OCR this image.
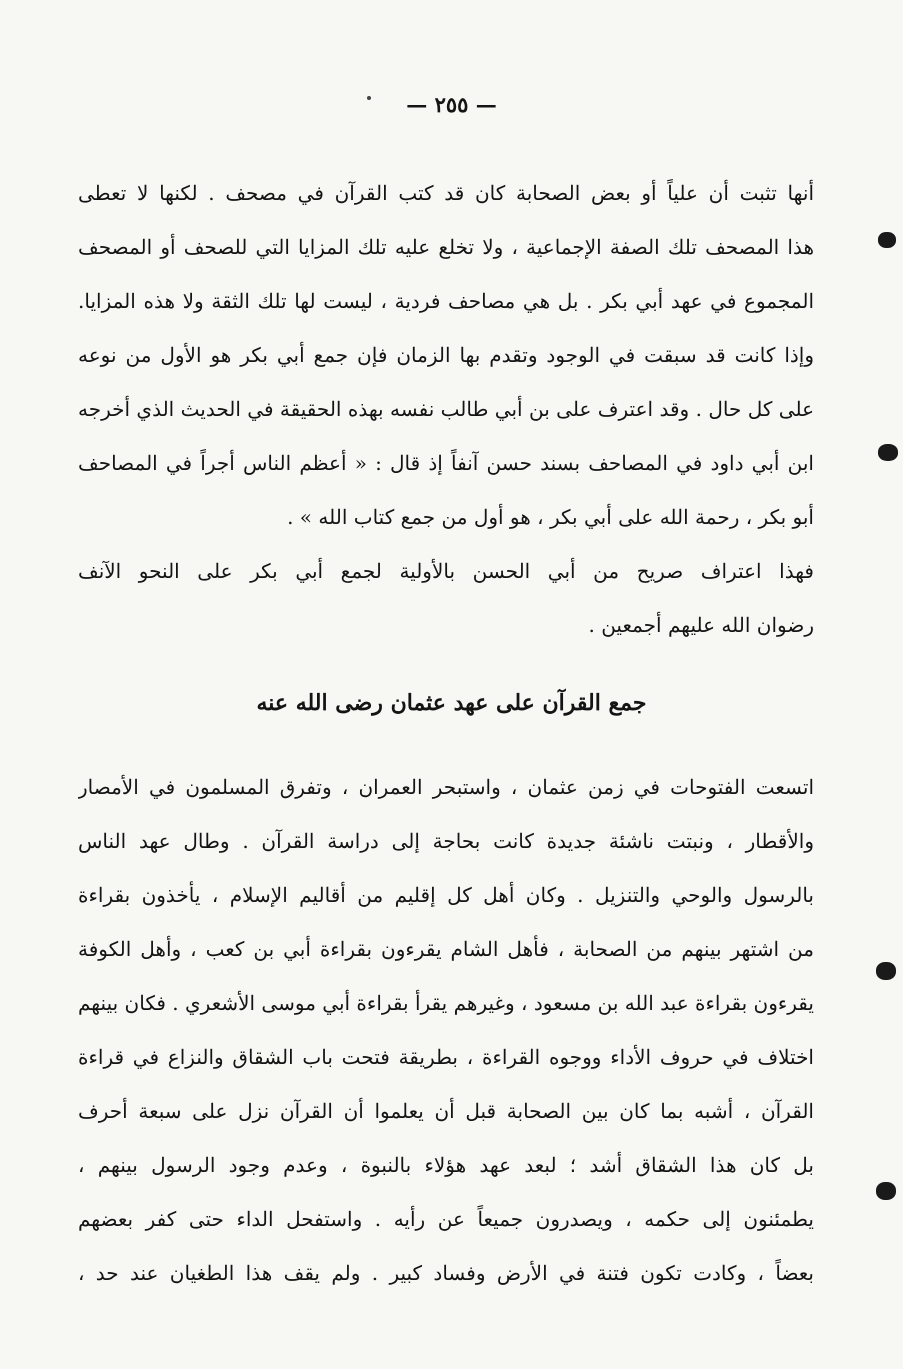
— ٢٥٥ —
أنها تثبت أن علياً أو بعض الصحابة كان قد كتب القرآن في مصحف . لكنها لا تعطى
هذا المصحف تلك الصفة الإجماعية ، ولا تخلع عليه تلك المزايا التي للصحف أو المصحف
المجموع في عهد أبي بكر . بل هي مصاحف فردية ، ليست لها تلك الثقة ولا هذه المزايا.
وإذا كانت قد سبقت في الوجود وتقدم بها الزمان فإن جمع أبي بكر هو الأول من نوعه
على كل حال . وقد اعترف على بن أبي طالب نفسه بهذه الحقيقة في الحديث الذي أخرجه
ابن أبي داود في المصاحف بسند حسن آنفاً إذ قال : « أعظم الناس أجراً في المصاحف
أبو بكر ، رحمة الله على أبي بكر ، هو أول من جمع كتاب الله » .
فهذا اعتراف صريح من أبي الحسن بالأولية لجمع أبي بكر على النحو الآنف
رضوان الله عليهم أجمعين .
جمع القرآن على عهد عثمان رضى الله عنه
اتسعت الفتوحات في زمن عثمان ، واستبحر العمران ، وتفرق المسلمون في الأمصار
والأقطار ، ونبتت ناشئة جديدة كانت بحاجة إلى دراسة القرآن . وطال عهد الناس
بالرسول والوحي والتنزيل . وكان أهل كل إقليم من أقاليم الإسلام ، يأخذون بقراءة
من اشتهر بينهم من الصحابة ، فأهل الشام يقرءون بقراءة أبي بن كعب ، وأهل الكوفة
يقرءون بقراءة عبد الله بن مسعود ، وغيرهم يقرأ بقراءة أبي موسى الأشعري . فكان بينهم
اختلاف في حروف الأداء ووجوه القراءة ، بطريقة فتحت باب الشقاق والنزاع في قراءة
القرآن ، أشبه بما كان بين الصحابة قبل أن يعلموا أن القرآن نزل على سبعة أحرف
بل كان هذا الشقاق أشد ؛ لبعد عهد هؤلاء بالنبوة ، وعدم وجود الرسول بينهم ،
يطمئنون إلى حكمه ، ويصدرون جميعاً عن رأيه . واستفحل الداء حتى كفر بعضهم
بعضاً ، وكادت تكون فتنة في الأرض وفساد كبير . ولم يقف هذا الطغيان عند حد ،
